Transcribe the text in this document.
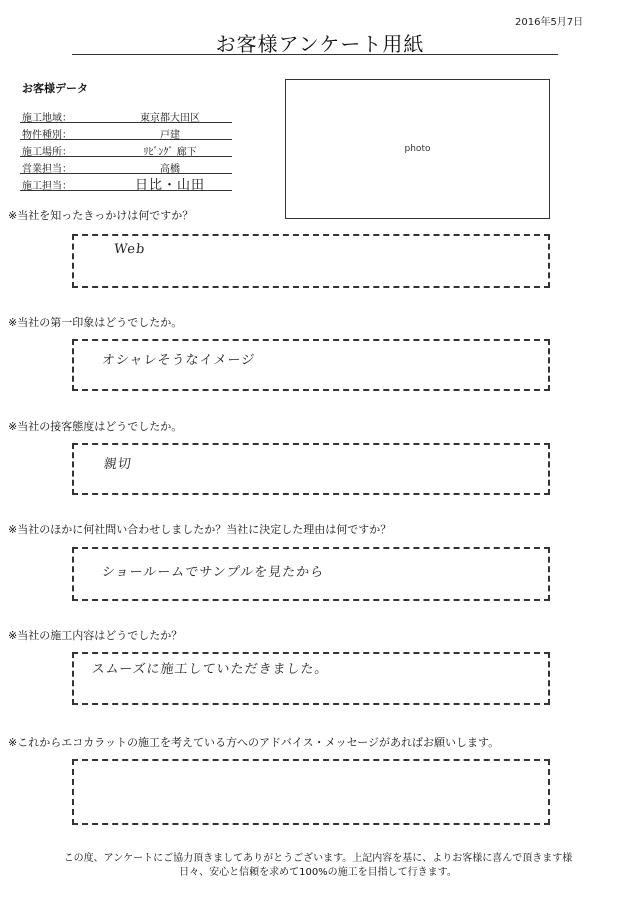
2016年5月7日
お客様アンケート用紙
お客様データ
施工地域：	東京都大田区
物件種別：	戸建
施工場所：	ﾘﾋﾞﾝｸﾞ 廊下
営業担当：	高橋
施工担当：	日比・山田
photo
※当社を知ったきっかけは何ですか？
Web
※当社の第一印象はどうでしたか。
オシャレそうなイメージ
※当社の接客態度はどうでしたか。
親切
※当社のほかに何社問い合わせしましたか？当社に決定した理由は何ですか？
ショールームでサンプルを見たから
※当社の施工内容はどうでしたか？
スムーズに施工していただきました。
※これからエコカラットの施工を考えている方へのアドバイス・メッセージがあればお願いします。
この度、アンケートにご協力頂きましてありがとうございます。上記内容を基に、よりお客様に喜んで頂きます様
日々、安心と信頼を求めて100%の施工を目指して行きます。
